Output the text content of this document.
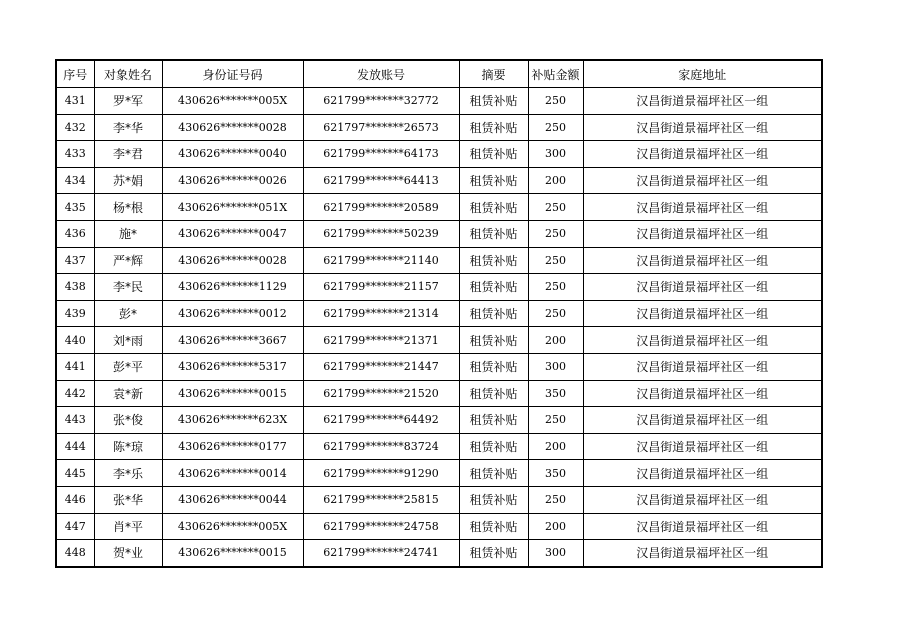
序号	对象姓名	身份证号码	发放账号	摘要	补贴金额	家庭地址
431	罗*军	430626*******005X	621799*******32772	租赁补贴	250	汉昌街道景福坪社区一组
432	李*华	430626*******0028	621797*******26573	租赁补贴	250	汉昌街道景福坪社区一组
433	李*君	430626*******0040	621799*******64173	租赁补贴	300	汉昌街道景福坪社区一组
434	苏*娟	430626*******0026	621799*******64413	租赁补贴	200	汉昌街道景福坪社区一组
435	杨*根	430626*******051X	621799*******20589	租赁补贴	250	汉昌街道景福坪社区一组
436	施*	430626*******0047	621799*******50239	租赁补贴	250	汉昌街道景福坪社区一组
437	严*辉	430626*******0028	621799*******21140	租赁补贴	250	汉昌街道景福坪社区一组
438	李*民	430626*******1129	621799*******21157	租赁补贴	250	汉昌街道景福坪社区一组
439	彭*	430626*******0012	621799*******21314	租赁补贴	250	汉昌街道景福坪社区一组
440	刘*雨	430626*******3667	621799*******21371	租赁补贴	200	汉昌街道景福坪社区一组
441	彭*平	430626*******5317	621799*******21447	租赁补贴	300	汉昌街道景福坪社区一组
442	袁*新	430626*******0015	621799*******21520	租赁补贴	350	汉昌街道景福坪社区一组
443	张*俊	430626*******623X	621799*******64492	租赁补贴	250	汉昌街道景福坪社区一组
444	陈*琼	430626*******0177	621799*******83724	租赁补贴	200	汉昌街道景福坪社区一组
445	李*乐	430626*******0014	621799*******91290	租赁补贴	350	汉昌街道景福坪社区一组
446	张*华	430626*******0044	621799*******25815	租赁补贴	250	汉昌街道景福坪社区一组
447	肖*平	430626*******005X	621799*******24758	租赁补贴	200	汉昌街道景福坪社区一组
448	贺*业	430626*******0015	621799*******24741	租赁补贴	300	汉昌街道景福坪社区一组
